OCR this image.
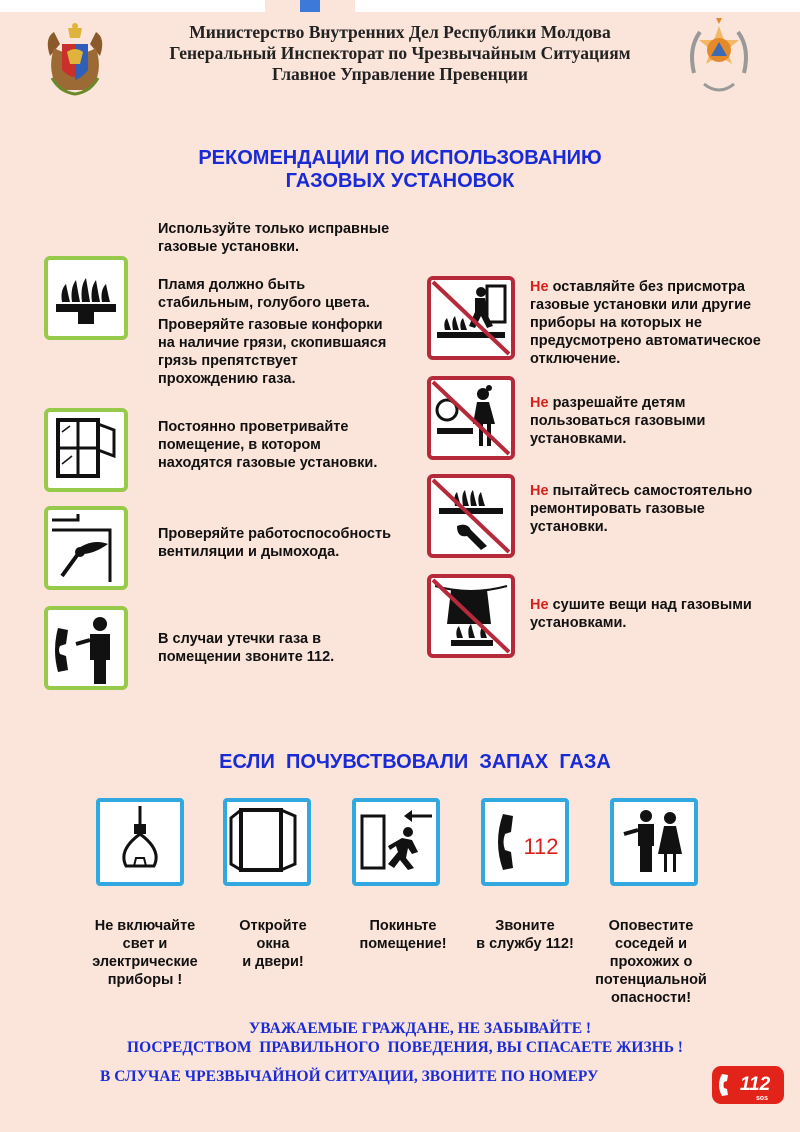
Министерство Внутренних Дел Республики Молдова
Генеральный Инспекторат по Чрезвычайным Ситуациям
Главное Управление Превенции
РЕКОМЕНДАЦИИ ПО ИСПОЛЬЗОВАНИЮ
ГАЗОВЫХ УСТАНОВОК
Используйте только исправные газовые установки.
Пламя должно быть стабильным, голубого цвета.
Проверяйте газовые конфорки на наличие грязи, скопившаяся грязь препятствует прохождению газа.
Постоянно проветривайте помещение, в котором находятся газовые установки.
Проверяйте работоспособность вентиляции и дымохода.
В случаи утечки газа в помещении звоните 112.
Не оставляйте без присмотра газовые установки или другие приборы на которых не предусмотрено автоматическое отключение.
Не разрешайте детям пользоваться газовыми установками.
Не пытайтесь самостоятельно ремонтировать газовые установки.
Не сушите вещи над газовыми установками.
ЕСЛИ  ПОЧУВСТВОВАЛИ  ЗАПАХ  ГАЗА
112
Не включайте
свет и
электрические
приборы !
Откройте
окна
и двери!
Покиньте
помещение!
Звоните
в службу 112!
Оповестите
соседей и
прохожих о
потенциальной
опасности!
УВАЖАЕМЫЕ ГРАЖДАНЕ, НЕ ЗАБЫВАЙТЕ !
ПОСРЕДСТВОМ  ПРАВИЛЬНОГО  ПОВЕДЕНИЯ, ВЫ СПАСАЕТЕ ЖИЗНЬ !
В СЛУЧАЕ ЧРЕЗВЫЧАЙНОЙ СИТУАЦИИ, ЗВОНИТЕ ПО НОМЕРУ	112
sos
